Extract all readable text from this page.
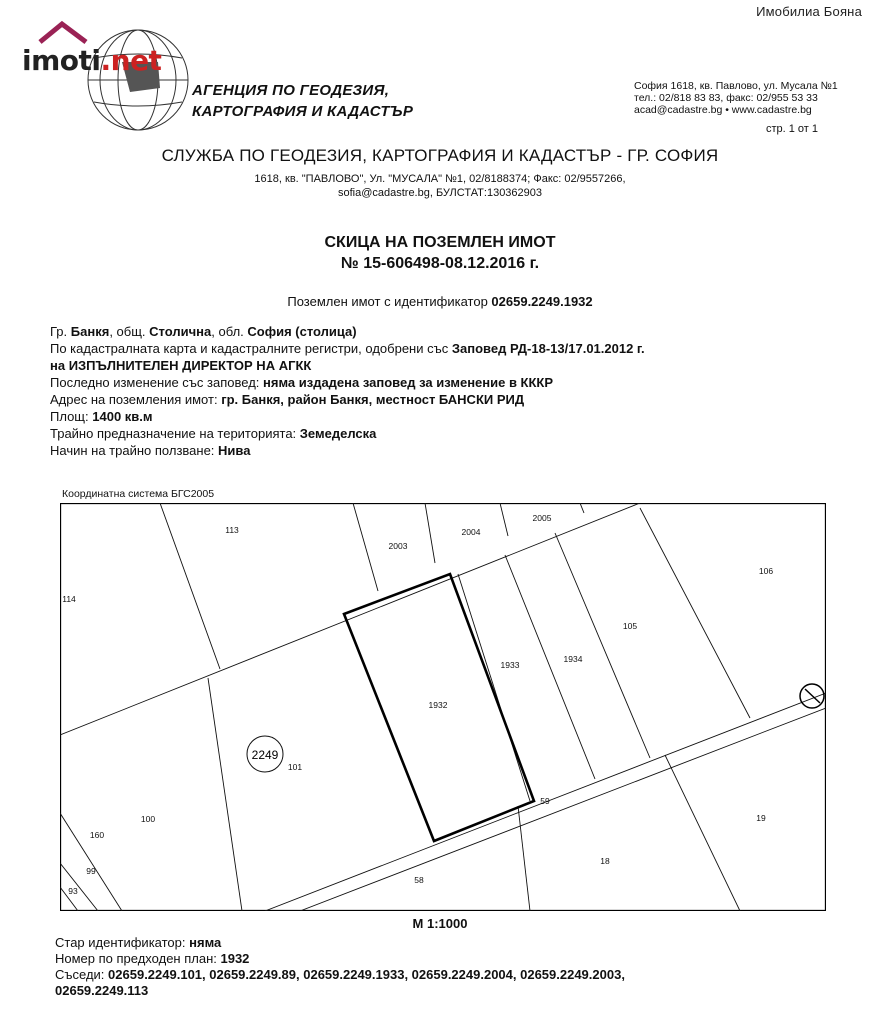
Имобилиа Бояна
imoti.net
АГЕНЦИЯ ПО ГЕОДЕЗИЯ,
КАРТОГРАФИЯ И КАДАСТЪР
София 1618, кв. Павлово, ул. Мусала №1
тел.: 02/818 83 83, факс: 02/955 53 33
acad@cadastre.bg • www.cadastre.bg
стр. 1 от 1
СЛУЖБА ПО ГЕОДЕЗИЯ, КАРТОГРАФИЯ И КАДАСТЪР - ГР. СОФИЯ
1618, кв. "ПАВЛОВО", Ул. "МУСАЛА" №1, 02/8188374; Факс: 02/9557266,
sofia@cadastre.bg, БУЛСТАТ:130362903
СКИЦА НА ПОЗЕМЛЕН ИМОТ
№ 15-606498-08.12.2016 г.
Поземлен имот с идентификатор 02659.2249.1932
Гр. Банкя, общ. Столична, обл. София (столица)
По кадастралната карта и кадастралните регистри, одобрени със Заповед РД-18-13/17.01.2012 г.
на ИЗПЪЛНИТЕЛЕН ДИРЕКТОР НА АГКК
Последно изменение със заповед: няма издадена заповед за изменение в КККР
Адрес на поземления имот: гр. Банкя, район Банкя, местност БАНСКИ РИД
Площ: 1400 кв.м
Трайно предназначение на територията: Земеделска
Начин на трайно ползване: Нива
Координатна система БГС2005
2249
113
2003
2004
2005
106
114
105
1933
1934
1932
101
100
160
99
93
58
18
19
59
М 1:1000
Стар идентификатор: няма
Номер по предходен план: 1932
Съседи: 02659.2249.101, 02659.2249.89, 02659.2249.1933, 02659.2249.2004, 02659.2249.2003,
02659.2249.113
